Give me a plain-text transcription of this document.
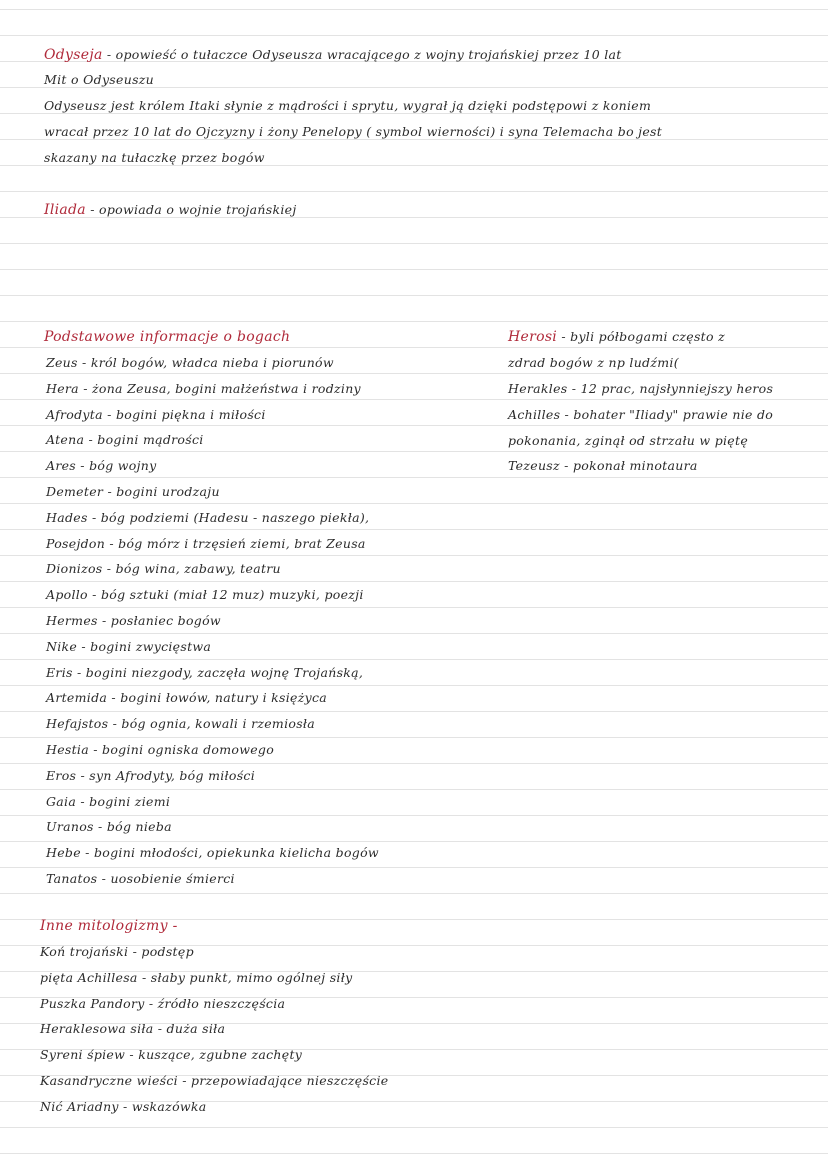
Odyseja - opowieść o tułaczce Odyseusza wracającego z wojny trojańskiej przez 10 lat
Mit o Odyseuszu
Odyseusz jest królem Itaki słynie z mądrości i sprytu, wygrał ją dzięki podstępowi z koniem
wracał przez 10 lat do Ojczyzny i żony Penelopy ( symbol wierności) i syna Telemacha bo jest
skazany na tułaczkę przez bogów
Iliada - opowiada o wojnie trojańskiej
Podstawowe informacje o bogach
Zeus - król bogów, władca nieba i piorunów
Hera - żona Zeusa, bogini małżeństwa i rodziny
Afrodyta - bogini piękna i miłości
Atena - bogini mądrości
Ares - bóg wojny
Demeter - bogini urodzaju
Hades - bóg podziemi (Hadesu - naszego piekła),
Posejdon - bóg mórz i trzęsień ziemi, brat Zeusa
Dionizos - bóg wina, zabawy, teatru
Apollo - bóg sztuki (miał 12 muz) muzyki, poezji
Hermes - posłaniec bogów
Nike - bogini zwycięstwa
Eris - bogini niezgody, zaczęła wojnę Trojańską,
Artemida - bogini łowów, natury i księżyca
Hefajstos - bóg ognia, kowali i rzemiosła
Hestia - bogini ogniska domowego
Eros - syn Afrodyty, bóg miłości
Gaia - bogini ziemi
Uranos - bóg nieba
Hebe - bogini młodości, opiekunka kielicha bogów
Tanatos - uosobienie śmierci
Herosi - byli półbogami często z
zdrad bogów z np ludźmi(
Herakles - 12 prac, najsłynniejszy heros
Achilles - bohater "Iliady" prawie nie do
pokonania, zginął od strzału w piętę
Tezeusz - pokonał minotaura
Inne mitologizmy -
Koń trojański - podstęp
pięta Achillesa - słaby punkt, mimo ogólnej siły
Puszka Pandory - źródło nieszczęścia
Heraklesowa siła - duża siła
Syreni śpiew - kuszące, zgubne zachęty
Kasandryczne wieści - przepowiadające nieszczęście
Nić Ariadny - wskazówka
